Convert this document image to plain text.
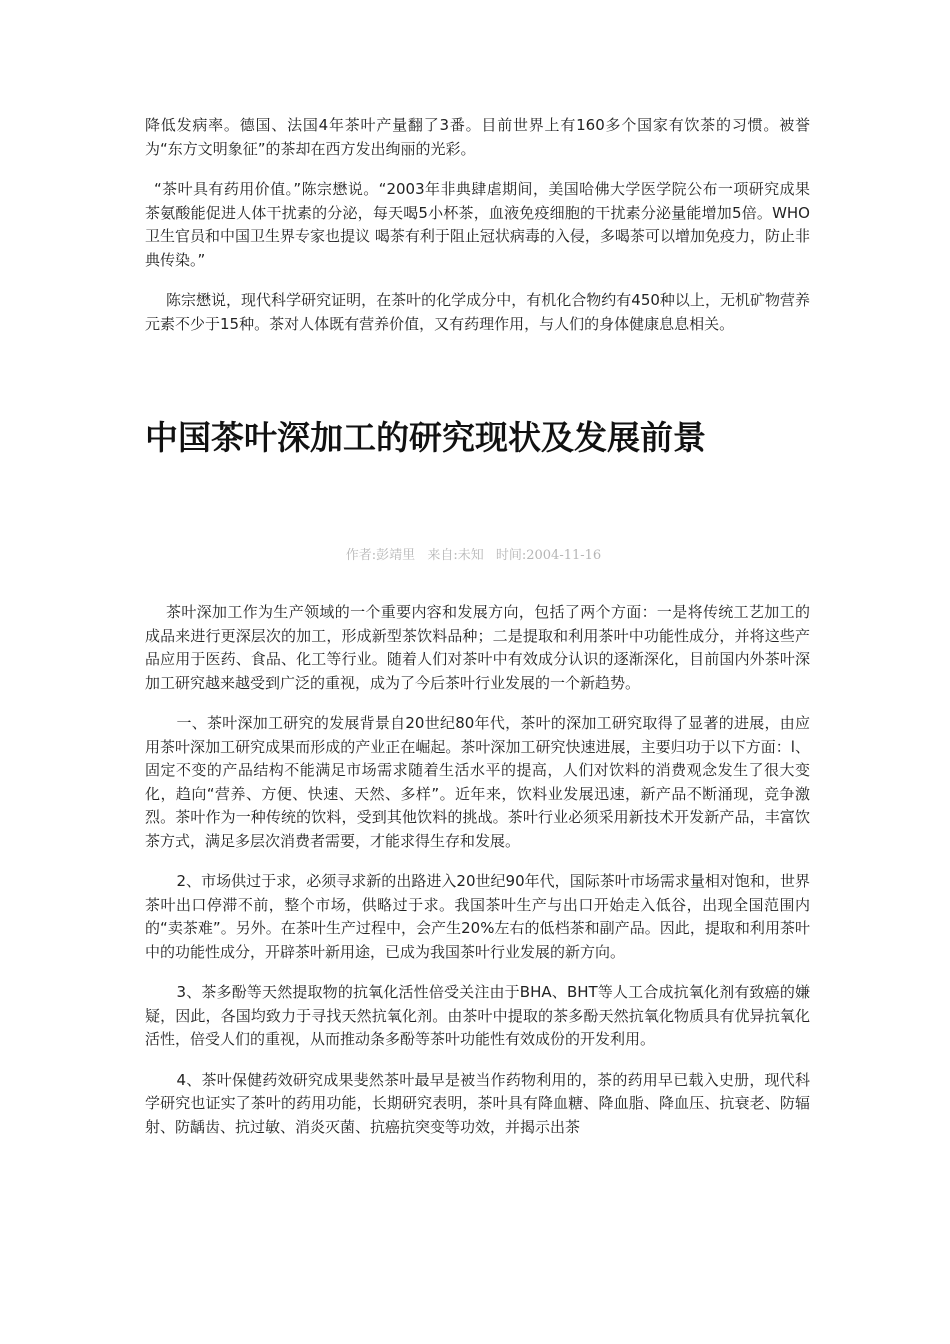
降低发病率。德国、法国4年茶叶产量翻了3番。目前世界上有160多个国家有饮茶的习惯。被誉为“东方文明象征”的茶却在西方发出绚丽的光彩。

“茶叶具有药用价值。”陈宗懋说。“2003年非典肆虐期间，美国哈佛大学医学院公布一项研究成果 茶氨酸能促进人体干扰素的分泌，每天喝5小杯茶，血液免疫细胞的干扰素分泌量能增加5倍。WHO卫生官员和中国卫生界专家也提议 喝茶有利于阻止冠状病毒的入侵，多喝茶可以增加免疫力，防止非典传染。”

陈宗懋说，现代科学研究证明，在茶叶的化学成分中，有机化合物约有450种以上，无机矿物营养元素不少于15种。茶对人体既有营养价值，又有药理作用，与人们的身体健康息息相关。

中国茶叶深加工的研究现状及发展前景
作者:彭靖里 来自:未知 时间:2004-11-16

茶叶深加工作为生产领域的一个重要内容和发展方向，包括了两个方面：一是将传统工艺加工的成品来进行更深层次的加工，形成新型茶饮料品种；二是提取和利用茶叶中功能性成分，并将这些产品应用于医药、食品、化工等行业。随着人们对茶叶中有效成分认识的逐渐深化，目前国内外茶叶深加工研究越来越受到广泛的重视，成为了今后茶叶行业发展的一个新趋势。

一、茶叶深加工研究的发展背景自20世纪80年代，茶叶的深加工研究取得了显著的进展，由应用茶叶深加工研究成果而形成的产业正在崛起。茶叶深加工研究快速进展，主要归功于以下方面：l、固定不变的产品结构不能满足市场需求随着生活水平的提高，人们对饮料的消费观念发生了很大变化，趋向“营养、方便、快速、天然、多样”。近年来，饮料业发展迅速，新产品不断涌现，竞争激烈。茶叶作为一种传统的饮料，受到其他饮料的挑战。茶叶行业必须采用新技术开发新产品，丰富饮茶方式，满足多层次消费者需要，才能求得生存和发展。

2、市场供过于求，必须寻求新的出路进入20世纪90年代，国际茶叶市场需求量相对饱和，世界茶叶出口停滞不前，整个市场，供略过于求。我国茶叶生产与出口开始走入低谷，出现全国范围内的“卖茶难”。另外。在茶叶生产过程中，会产生20%左右的低档茶和副产品。因此，提取和利用茶叶中的功能性成分，开辟茶叶新用途，已成为我国茶叶行业发展的新方向。

3、茶多酚等天然提取物的抗氧化活性倍受关注由于BHA、BHT等人工合成抗氧化剂有致癌的嫌疑，因此，各国均致力于寻找天然抗氧化剂。由茶叶中提取的茶多酚天然抗氧化物质具有优异抗氧化活性，倍受人们的重视，从而推动条多酚等茶叶功能性有效成份的开发利用。

4、茶叶保健药效研究成果斐然茶叶最早是被当作药物利用的，茶的药用早已载入史册，现代科学研究也证实了茶叶的药用功能，长期研究表明，茶叶具有降血糖、降血脂、降血压、抗衰老、防辐射、防龋齿、抗过敏、消炎灭菌、抗癌抗突变等功效，并揭示出茶
